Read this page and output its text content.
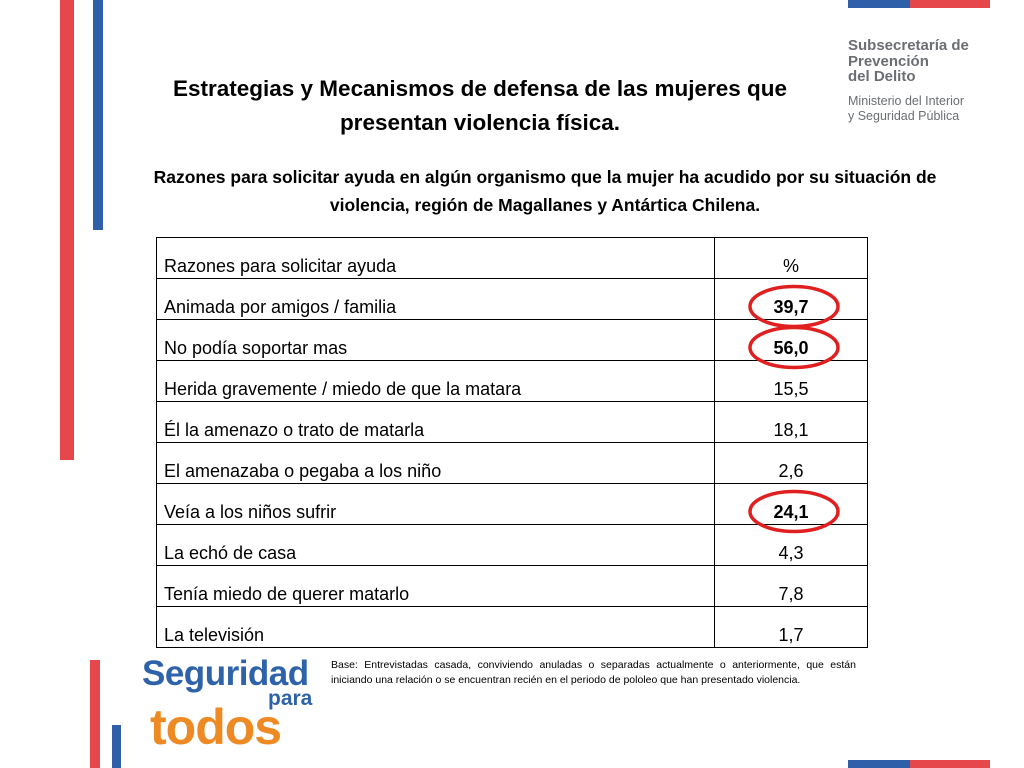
Subsecretaría de
Prevención
del Delito
Ministerio del Interior
y Seguridad Pública
Estrategias y Mecanismos de defensa de las mujeres que presentan violencia física.
Razones para solicitar ayuda en algún organismo que la mujer ha acudido por su situación de violencia, región de Magallanes y Antártica Chilena.
Razones para solicitar ayuda	%
Animada por amigos / familia	39,7
No podía soportar mas	56,0
Herida gravemente / miedo de que la matara	15,5
Él la amenazo o trato de matarla	18,1
El amenazaba o pegaba a los niño	2,6
Veía a los niños sufrir	24,1
La echó de casa	4,3
Tenía miedo de querer matarlo	7,8
La televisión	1,7
Base: Entrevistadas casada, conviviendo anuladas o separadas actualmente o anteriormente, que están iniciando una relación o se encuentran recién en el periodo de pololeo que han presentado violencia.
Seguridad
para
todos
